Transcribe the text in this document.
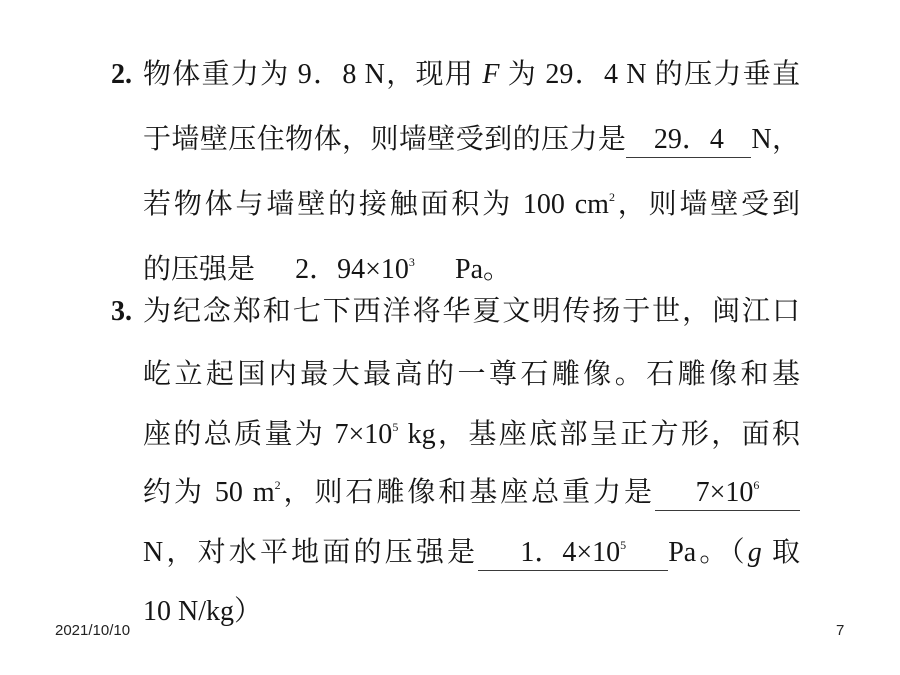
2. 物体重力为 9．8 N，现用 F 为 29．4 N 的压力垂直
于墙壁压住物体，则墙壁受到的压力是 29．4 N，
若物体与墙壁的接触面积为 100 $cm^2$，则墙壁受到
的压强是 2．$94\times 10^3$ Pa。
3. 为纪念郑和七下西洋将华夏文明传扬于世，闽江口
屹立起国内最大最高的一尊石雕像。石雕像和基
座的总质量为 $7\times 10^5$ kg，基座底部呈正方形，面积
约为 50 $m^2$，则石雕像和基座总重力是 $7\times 10^6$
N，对水平地面的压强是 1．$4\times 10^5$ Pa。（g 取
10 N/kg）
2021/10/10	7
